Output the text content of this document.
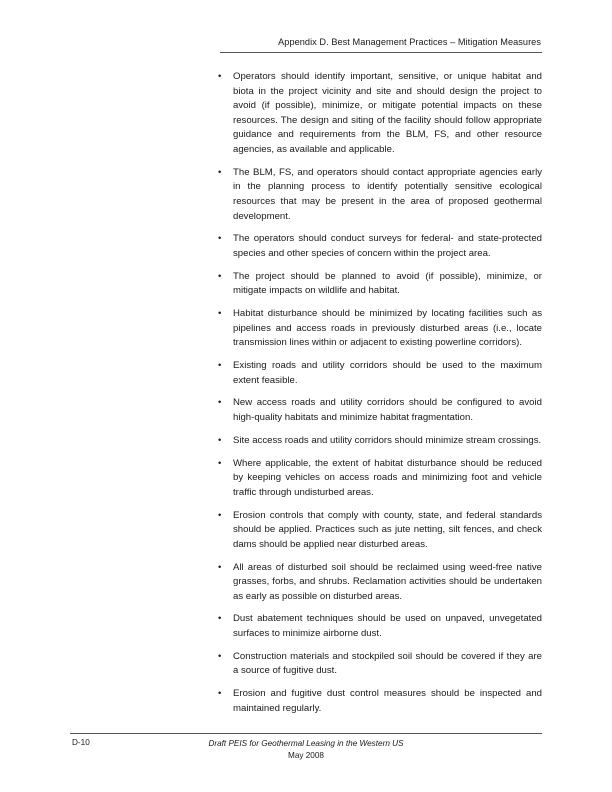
Appendix D. Best Management Practices – Mitigation Measures
• Operators should identify important, sensitive, or unique habitat and biota in the project vicinity and site and should design the project to avoid (if possible), minimize, or mitigate potential impacts on these resources. The design and siting of the facility should follow appropriate guidance and requirements from the BLM, FS, and other resource agencies, as available and applicable.
• The BLM, FS, and operators should contact appropriate agencies early in the planning process to identify potentially sensitive ecological resources that may be present in the area of proposed geothermal development.
• The operators should conduct surveys for federal- and state-protected species and other species of concern within the project area.
• The project should be planned to avoid (if possible), minimize, or mitigate impacts on wildlife and habitat.
• Habitat disturbance should be minimized by locating facilities such as pipelines and access roads in previously disturbed areas (i.e., locate transmission lines within or adjacent to existing powerline corridors).
• Existing roads and utility corridors should be used to the maximum extent feasible.
• New access roads and utility corridors should be configured to avoid high-quality habitats and minimize habitat fragmentation.
• Site access roads and utility corridors should minimize stream crossings.
• Where applicable, the extent of habitat disturbance should be reduced by keeping vehicles on access roads and minimizing foot and vehicle traffic through undisturbed areas.
• Erosion controls that comply with county, state, and federal standards should be applied. Practices such as jute netting, silt fences, and check dams should be applied near disturbed areas.
• All areas of disturbed soil should be reclaimed using weed-free native grasses, forbs, and shrubs. Reclamation activities should be undertaken as early as possible on disturbed areas.
• Dust abatement techniques should be used on unpaved, unvegetated surfaces to minimize airborne dust.
• Construction materials and stockpiled soil should be covered if they are a source of fugitive dust.
• Erosion and fugitive dust control measures should be inspected and maintained regularly.
D-10	Draft PEIS for Geothermal Leasing in the Western US
May 2008
